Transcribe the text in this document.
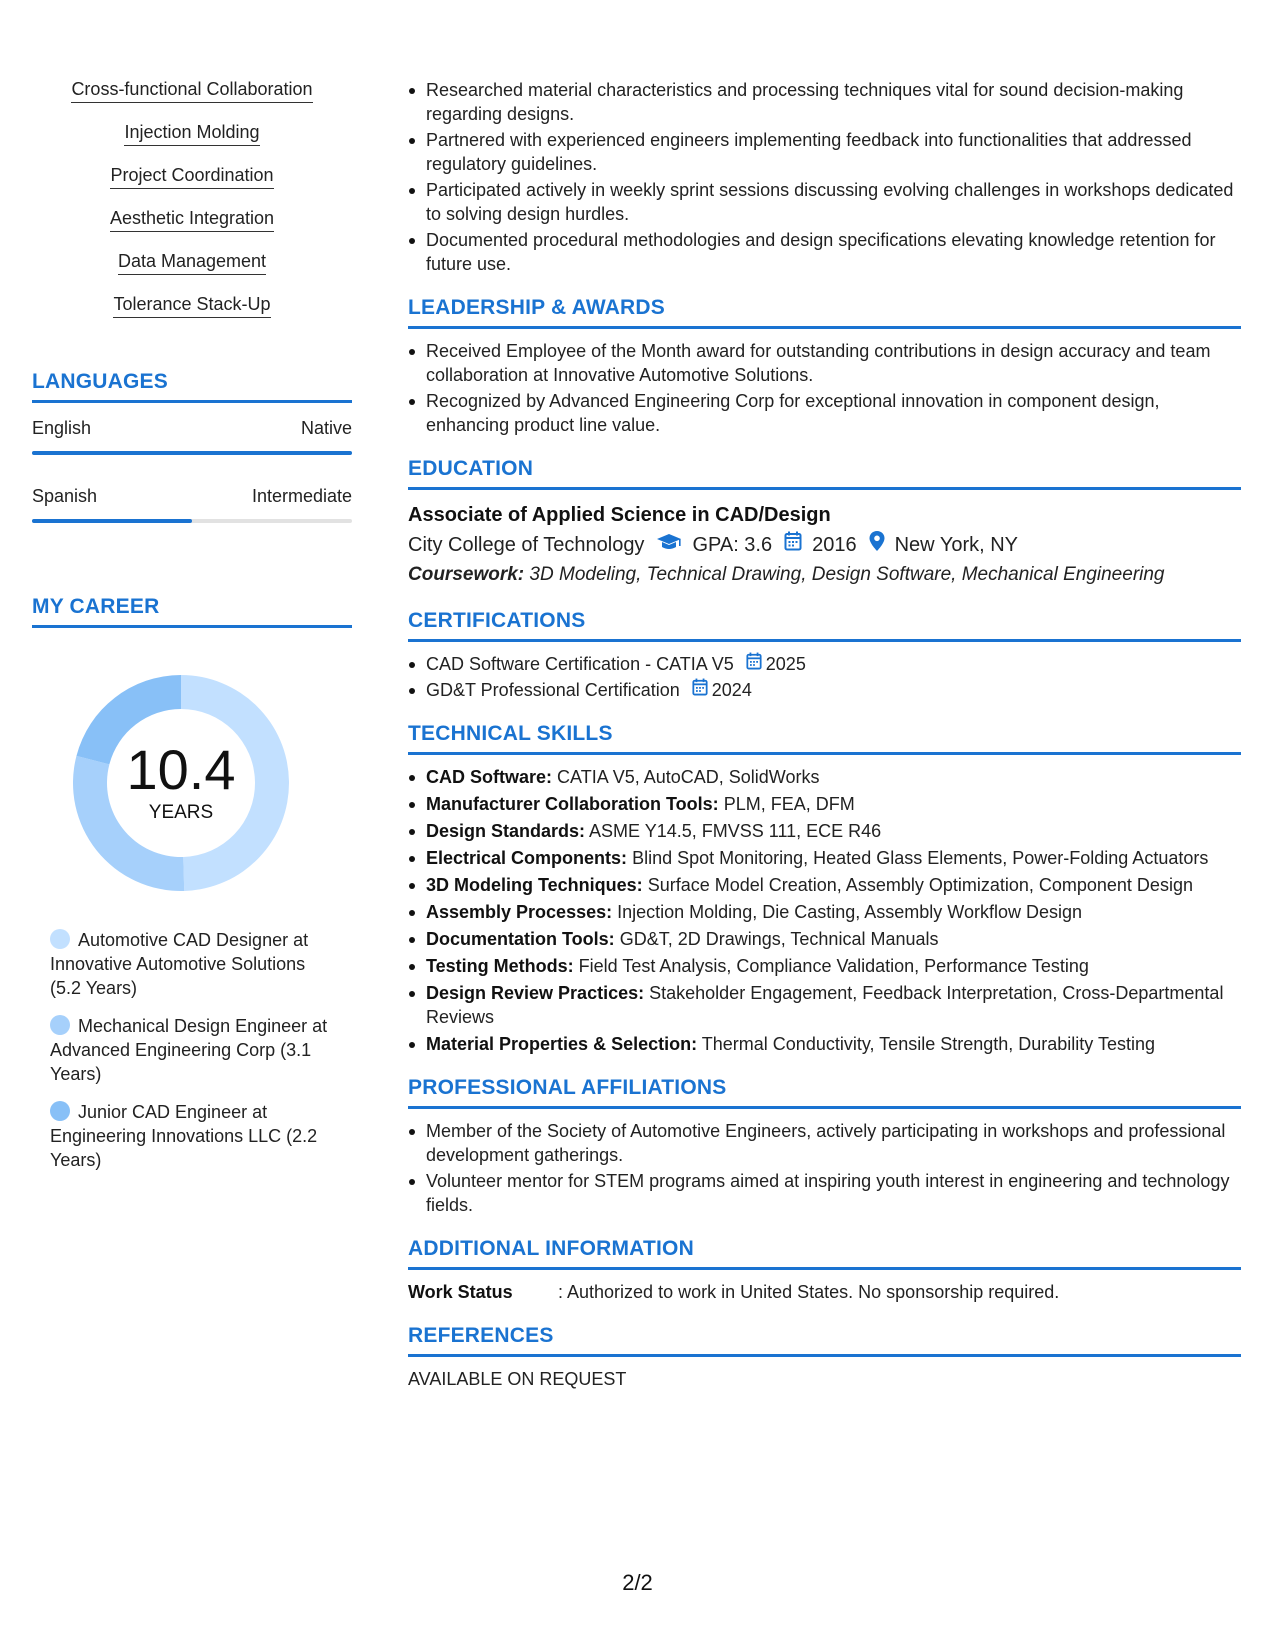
Cross-functional Collaboration
Injection Molding
Project Coordination
Aesthetic Integration
Data Management
Tolerance Stack-Up
LANGUAGES
English	Native
Spanish	Intermediate
MY CAREER
10.4
YEARS
Automotive CAD Designer at Innovative Automotive Solutions (5.2 Years)
Mechanical Design Engineer at Advanced Engineering Corp (3.1 Years)
Junior CAD Engineer at Engineering Innovations LLC (2.2 Years)
Researched material characteristics and processing techniques vital for sound decision-making regarding designs.
Partnered with experienced engineers implementing feedback into functionalities that addressed regulatory guidelines.
Participated actively in weekly sprint sessions discussing evolving challenges in workshops dedicated to solving design hurdles.
Documented procedural methodologies and design specifications elevating knowledge retention for future use.
LEADERSHIP & AWARDS
Received Employee of the Month award for outstanding contributions in design accuracy and team collaboration at Innovative Automotive Solutions.
Recognized by Advanced Engineering Corp for exceptional innovation in component design, enhancing product line value.
EDUCATION
Associate of Applied Science in CAD/Design
City College of Technology GPA: 3.6 2016 New York, NY
Coursework: 3D Modeling, Technical Drawing, Design Software, Mechanical Engineering
CERTIFICATIONS
CAD Software Certification - CATIA V5 2025
GD&T Professional Certification 2024
TECHNICAL SKILLS
CAD Software: CATIA V5, AutoCAD, SolidWorks
Manufacturer Collaboration Tools: PLM, FEA, DFM
Design Standards: ASME Y14.5, FMVSS 111, ECE R46
Electrical Components: Blind Spot Monitoring, Heated Glass Elements, Power-Folding Actuators
3D Modeling Techniques: Surface Model Creation, Assembly Optimization, Component Design
Assembly Processes: Injection Molding, Die Casting, Assembly Workflow Design
Documentation Tools: GD&T, 2D Drawings, Technical Manuals
Testing Methods: Field Test Analysis, Compliance Validation, Performance Testing
Design Review Practices: Stakeholder Engagement, Feedback Interpretation, Cross-Departmental Reviews
Material Properties & Selection: Thermal Conductivity, Tensile Strength, Durability Testing
PROFESSIONAL AFFILIATIONS
Member of the Society of Automotive Engineers, actively participating in workshops and professional development gatherings.
Volunteer mentor for STEM programs aimed at inspiring youth interest in engineering and technology fields.
ADDITIONAL INFORMATION
Work Status	: Authorized to work in United States. No sponsorship required.
REFERENCES
AVAILABLE ON REQUEST
2/2
